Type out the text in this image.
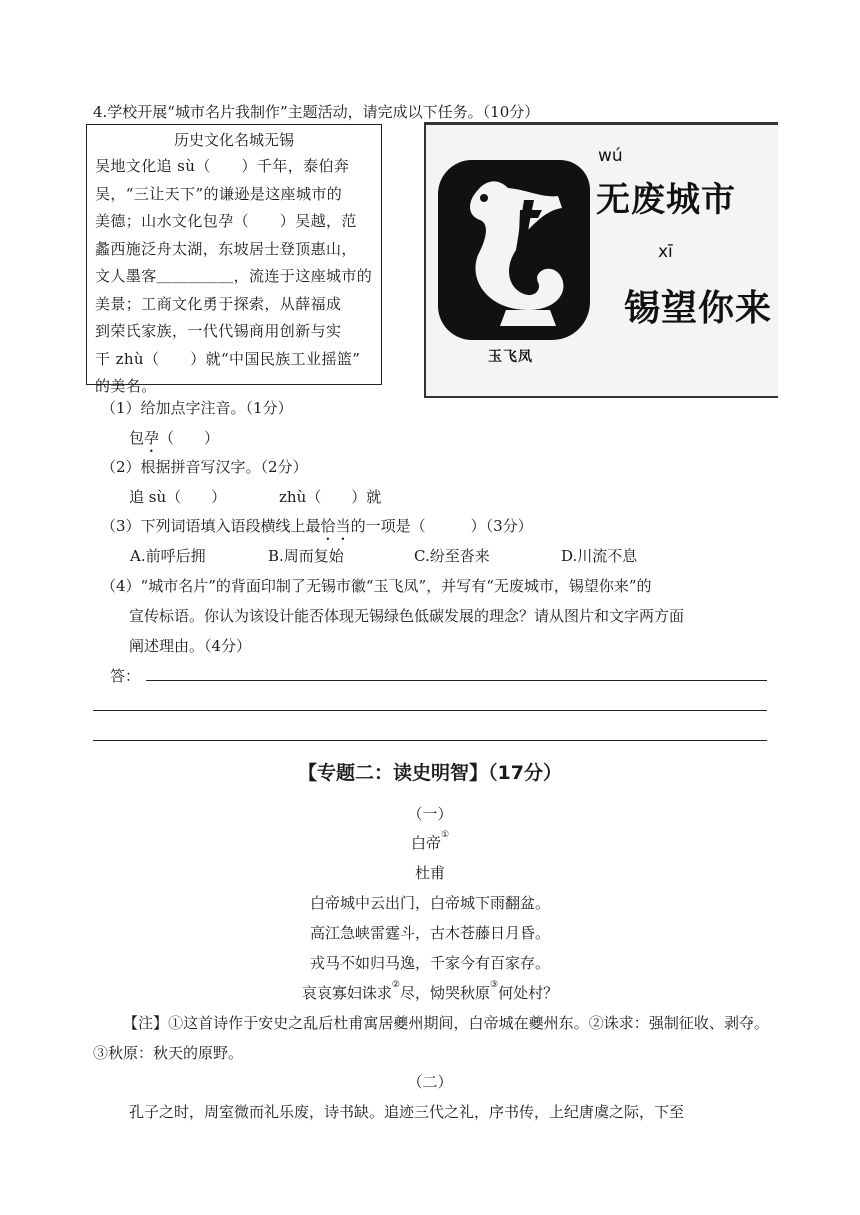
4.学校开展“城市名片我制作”主题活动，请完成以下任务。（10分）
历史文化名城无锡
吴地文化追 sù（　　）千年，泰伯奔
吴，“三让天下”的谦逊是这座城市的
美德；山水文化包孕（　　）吴越，范
蠡西施泛舟太湖，东坡居士登顶惠山，
文人墨客＿＿＿＿＿，流连于这座城市的
美景；工商文化勇于探索，从薛福成
到荣氏家族，一代代锡商用创新与实
干 zhù（　　）就“中国民族工业摇篮”
的美名。
wú
无废城市
xī
锡望你来
玉飞凤
（1）给加点字注音。（1分）
包孕（　　）
（2）根据拼音写汉字。（2分）
追 sù（　　）	zhù（　　）就
（3）下列词语填入语段横线上最恰当的一项是（　　　）（3分）
A.前呼后拥	B.周而复始	C.纷至沓来	D.川流不息
（4）“城市名片”的背面印制了无锡市徽“玉飞凤”，并写有“无废城市，锡望你来”的
宣传标语。你认为该设计能否体现无锡绿色低碳发展的理念？请从图片和文字两方面
阐述理由。（4分）
答：
【专题二：读史明智】（17分）
（一）
白帝①
杜甫
白帝城中云出门，白帝城下雨翻盆。
高江急峡雷霆斗，古木苍藤日月昏。
戎马不如归马逸，千家今有百家存。
哀哀寡妇诛求②尽，恸哭秋原③何处村？
【注】①这首诗作于安史之乱后杜甫寓居夔州期间，白帝城在夔州东。②诛求：强制征收、剥夺。③秋原：秋天的原野。
（二）
孔子之时，周室微而礼乐废，诗书缺。追迹三代之礼，序书传，上纪唐虞之际，下至
